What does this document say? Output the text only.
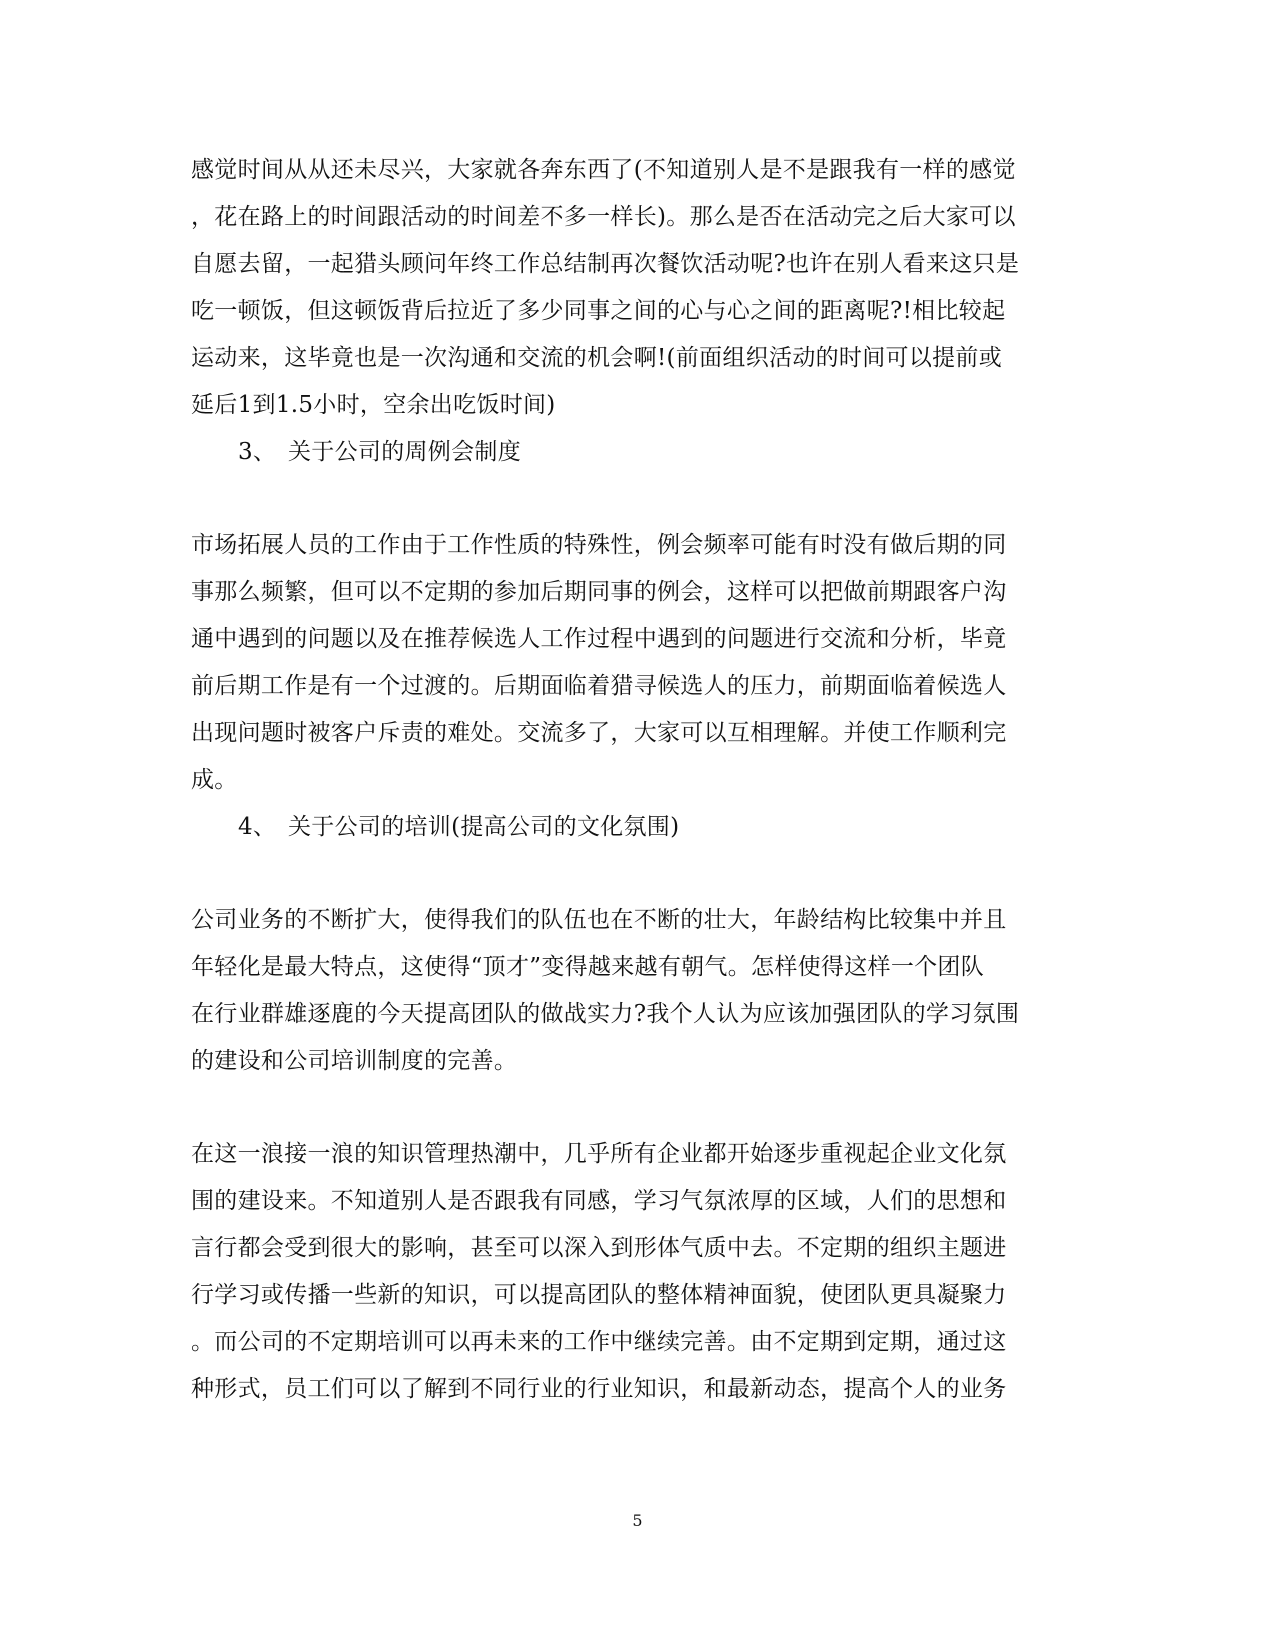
感觉时间从从还未尽兴，大家就各奔东西了(不知道别人是不是跟我有一样的感觉
，花在路上的时间跟活动的时间差不多一样长)。那么是否在活动完之后大家可以
自愿去留，一起猎头顾问年终工作总结制再次餐饮活动呢?也许在别人看来这只是
吃一顿饭，但这顿饭背后拉近了多少同事之间的心与心之间的距离呢?!相比较起
运动来，这毕竟也是一次沟通和交流的机会啊!(前面组织活动的时间可以提前或
延后1到1.5小时，空余出吃饭时间)
3、 关于公司的周例会制度
市场拓展人员的工作由于工作性质的特殊性，例会频率可能有时没有做后期的同
事那么频繁，但可以不定期的参加后期同事的例会，这样可以把做前期跟客户沟
通中遇到的问题以及在推荐候选人工作过程中遇到的问题进行交流和分析，毕竟
前后期工作是有一个过渡的。后期面临着猎寻候选人的压力，前期面临着候选人
出现问题时被客户斥责的难处。交流多了，大家可以互相理解。并使工作顺利完
成。
4、 关于公司的培训(提高公司的文化氛围)
公司业务的不断扩大，使得我们的队伍也在不断的壮大，年龄结构比较集中并且
年轻化是最大特点，这使得“顶才”变得越来越有朝气。怎样使得这样一个团队
在行业群雄逐鹿的今天提高团队的做战实力?我个人认为应该加强团队的学习氛围
的建设和公司培训制度的完善。
在这一浪接一浪的知识管理热潮中，几乎所有企业都开始逐步重视起企业文化氛
围的建设来。不知道别人是否跟我有同感，学习气氛浓厚的区域，人们的思想和
言行都会受到很大的影响，甚至可以深入到形体气质中去。不定期的组织主题进
行学习或传播一些新的知识，可以提高团队的整体精神面貌，使团队更具凝聚力
。而公司的不定期培训可以再未来的工作中继续完善。由不定期到定期，通过这
种形式，员工们可以了解到不同行业的行业知识，和最新动态，提高个人的业务
5
